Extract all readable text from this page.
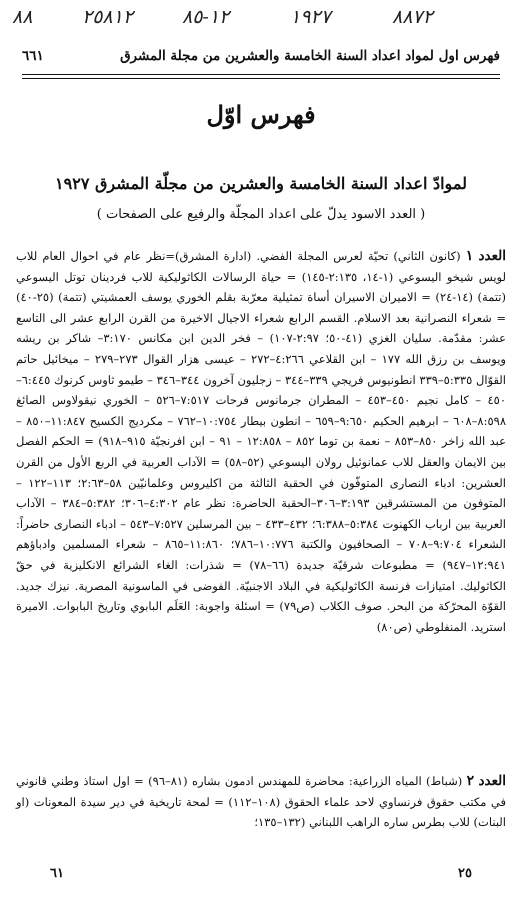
٨٨	٢٥٨١٢	١٢-٨٥	١٩٢٧	٨٨٧٢
فهرس اول لمواد اعداد السنة الخامسة والعشرين من مجلة المشرق
٦٦١
فهرس اوّل
لموادّ اعداد السنة الخامسة والعشرين من مجلّة المشرق ١٩٢٧
( العدد الاسود يدلّ على اعداد المجلّة والرفيع على الصفحات )
العدد ١ (كانون الثاني) تحيّة لعرس المجلة الفضي. (ادارة المشرق)=نظر عام في احوال العام للاب لويس شيخو اليسوعي (١-١٤، ٢:١٣٥-١٤٥) = حياة الرسالات الكاثوليكية للاب فردينان توتل اليسوعي (تتمة) (١٤-٢٤) = الاميران الاسيران أساة تمثيلية معرّبة بقلم الخوري يوسف العمشيتي (تتمة) (٢٥-٤٠) = شعراء النصرانية بعد الاسلام. القسم الرابع شعراء الاجيال الاخيرة من القرن الرابع عشر الى التاسع عشر: مقدّمة. سليان الغزي (٤١-٥٠؛ ٢:٩٧-١٠٧) – فخر الدين ابن مكانس ٣:١٧٠– شاكر بن ريشه ويوسف بن رزق الله ١٧٧ – ابن القلاعي ٤:٢٦٦–٢٧٢ – عيسى هزار القوال ٢٧٣–٢٧٩ – ميخائيل حاتم القوّال ٥:٣٣٥–٣٣٩ انطونيوس فريجي ٣٣٩–٣٤٤ – زجليون آخرون ٣٤٤–٣٤٦ – طيمو ثاوس كرنوك ٦:٤٤٥–٤٥٠ – كامل نجيم ٤٥٠–٤٥٣ – المطران جرمانوس فرحات ٧:٥١٧–٥٢٦ – الخوري نيقولاوس الصائغ ٨:٥٩٨–٦٠٨ – ابرهيم الحكيم ٩:٦٥٠–٦٥٩ – انطون بيطار ١٠:٧٥٤–٧٦٢ – مكرديج الكسيح ١١:٨٤٧–٨٥٠ – عبد الله زاخر ٨٥٠–٨٥٣ – نعمة بن توما ٨٥٢ – ١٢:٨٥٨ – ٩١ – ابن افرنجيّة ٩١٥–٩١٨) = الحكم الفصل بين الايمان والعقل للاب عمانوئيل رولان اليسوعي (٥٢–٥٨) = الآداب العربية في الربع الأول من القرن العشرين: ادباء النصارى المتوفّون في الحقبة الثالثة من اكليروس وعلمانيّين ٥٨–٢:٦٣؛ ١١٣–١٢٢ – المتوفون من المستشرقين ٣:١٩٣–٣٠٦–الحقبة الحاضرة: نظر عام ٤:٣٠٢–٣٠٦؛ ٥:٣٨٢–٣٨٤ – الآداب العربية بين ارباب الكهنوت ٥:٣٨٤–٦:٣٨٨؛ ٤٣٢–٤٣٣ – بين المرسلين ٧:٥٢٧–٥٤٣ – ادباء النصارى حاضراً: الشعراء ٩:٧٠٤–٧٠٨ – الصحافيون والكتبة ١٠:٧٧٦–٧٨٦؛ ١١:٨٦٠–٨٦٥ – شعراء المسلمين وادباؤهم ١٢:٩٤١–٩٤٧) = مطبوعات شرقيّة جديدة (٦٦–٧٨) = شذرات: الغاء الشرائع الانكليزية في حقّ الكاثوليك. امتيازات فرنسة الكاثوليكية في البلاد الاجنبيّة. الفوضى في الماسونية المصرية. نيزك جديد. القوّة المحرّكة من البحر. صوف الكلاب (ص٧٩) = اسئلة واجوبة: العَلَم البابوي وتاريخ البابوات. الاميرة استريد. المنفلوطي (ص٨٠)
العدد ٢ (شباط) المياه الزراعية: محاضرة للمهندس ادمون بشاره (٨١–٩٦) = اول استاذ وطني قانوني في مكتب حقوق فرنساوي لاحد علماء الحقوق (١٠٨–١١٢) = لمحة تاريخية في دير سيدة المعونات (او البنات) للاب بطرس ساره الراهب اللبناني (١٣٢–١٣٥؛
٢٥
٦١
